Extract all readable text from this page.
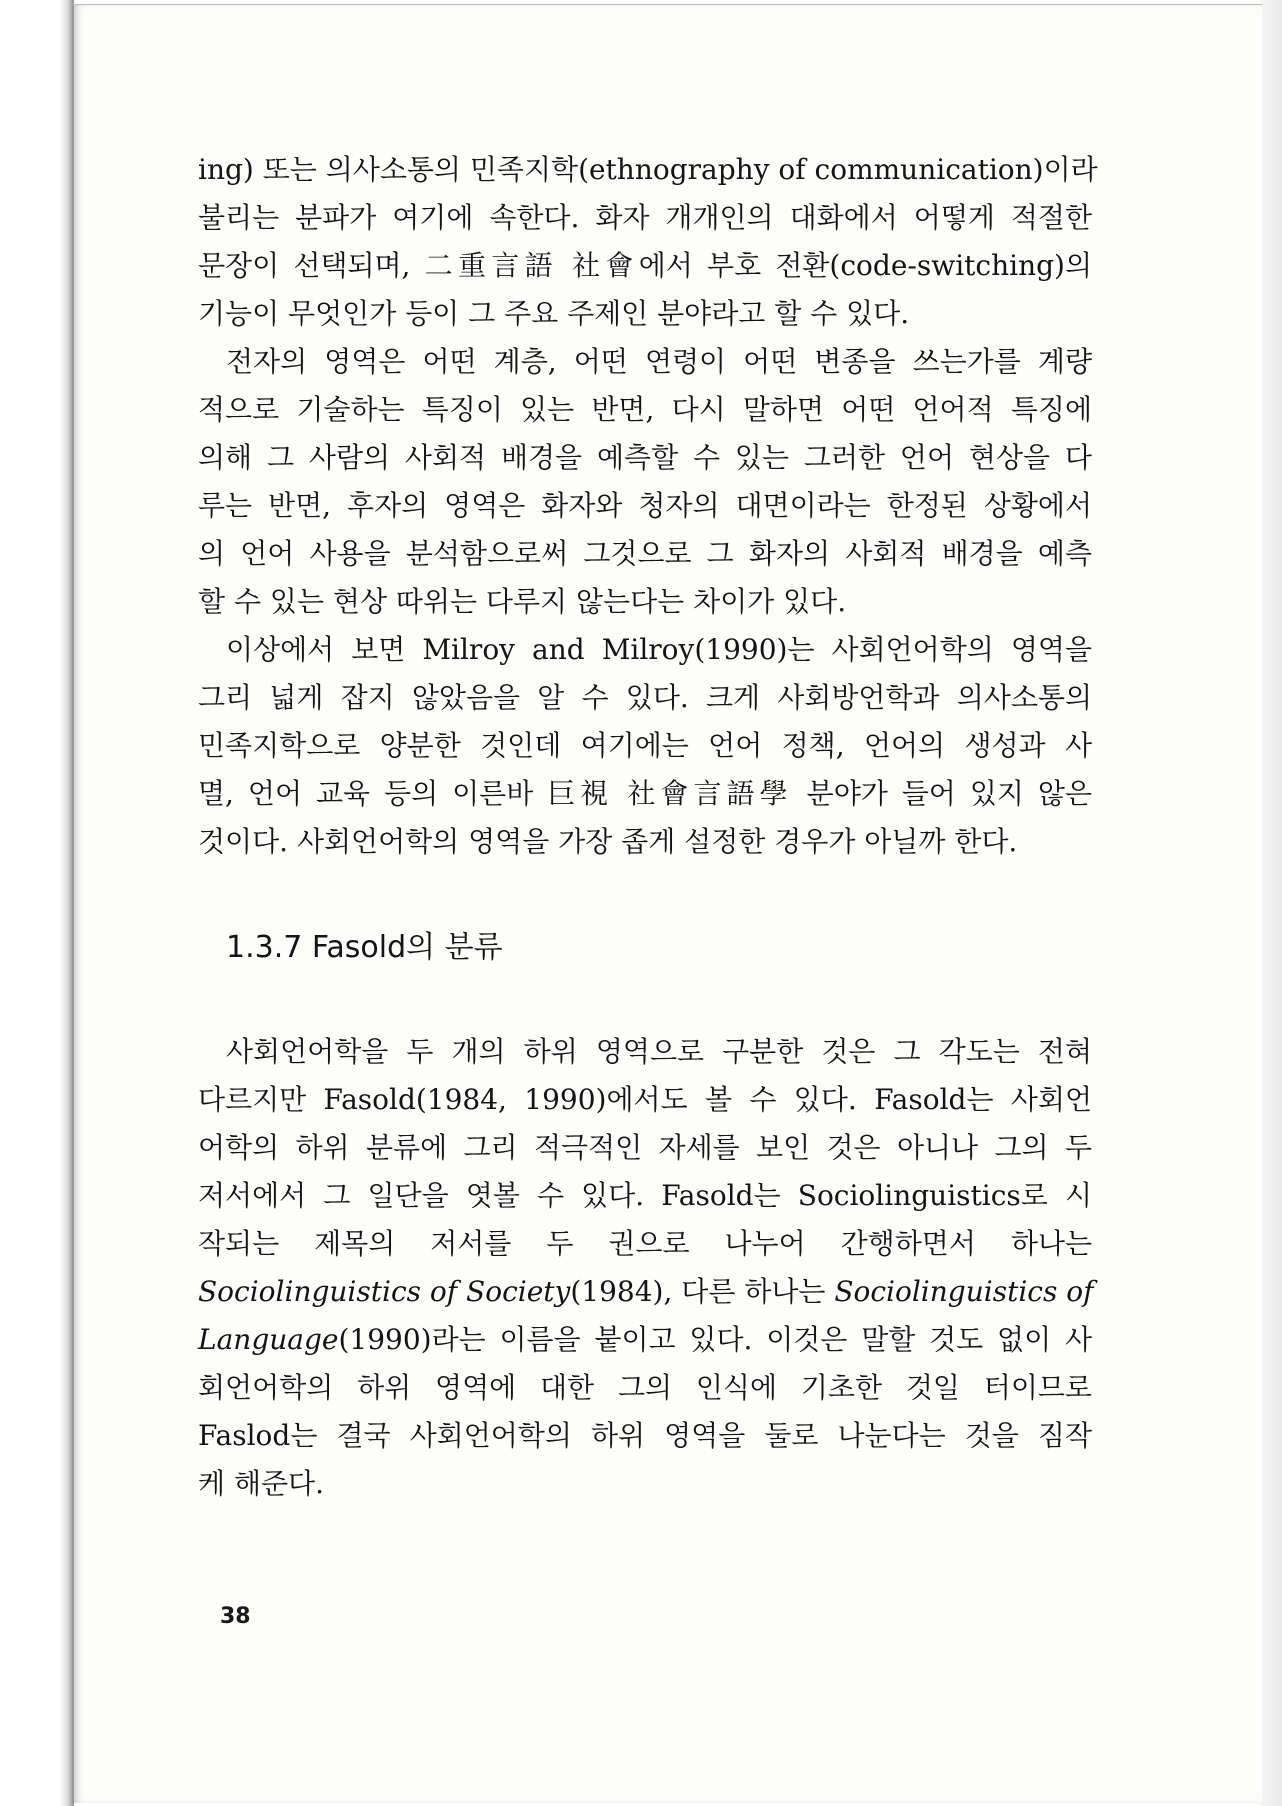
ing) 또는 의사소통의 민족지학(ethnography of communication)이라
불리는 분파가 여기에 속한다. 화자 개개인의 대화에서 어떻게 적절한
문장이 선택되며, 二重言語 社會에서 부호 전환(code-switching)의
기능이 무엇인가 등이 그 주요 주제인 분야라고 할 수 있다.

전자의 영역은 어떤 계층, 어떤 연령이 어떤 변종을 쓰는가를 계량
적으로 기술하는 특징이 있는 반면, 다시 말하면 어떤 언어적 특징에
의해 그 사람의 사회적 배경을 예측할 수 있는 그러한 언어 현상을 다
루는 반면, 후자의 영역은 화자와 청자의 대면이라는 한정된 상황에서
의 언어 사용을 분석함으로써 그것으로 그 화자의 사회적 배경을 예측
할 수 있는 현상 따위는 다루지 않는다는 차이가 있다.

이상에서 보면 Milroy and Milroy(1990)는 사회언어학의 영역을
그리 넓게 잡지 않았음을 알 수 있다. 크게 사회방언학과 의사소통의
민족지학으로 양분한 것인데 여기에는 언어 정책, 언어의 생성과 사
멸, 언어 교육 등의 이른바 巨視 社會言語學 분야가 들어 있지 않은
것이다. 사회언어학의 영역을 가장 좁게 설정한 경우가 아닐까 한다.

1.3.7 Fasold의 분류

사회언어학을 두 개의 하위 영역으로 구분한 것은 그 각도는 전혀
다르지만 Fasold(1984, 1990)에서도 볼 수 있다. Fasold는 사회언
어학의 하위 분류에 그리 적극적인 자세를 보인 것은 아니나 그의 두
저서에서 그 일단을 엿볼 수 있다. Fasold는 Sociolinguistics로 시
작되는 제목의 저서를 두 권으로 나누어 간행하면서 하나는
Sociolinguistics of Society(1984), 다른 하나는 Sociolinguistics of
Language(1990)라는 이름을 붙이고 있다. 이것은 말할 것도 없이 사
회언어학의 하위 영역에 대한 그의 인식에 기초한 것일 터이므로
Faslod는 결국 사회언어학의 하위 영역을 둘로 나눈다는 것을 짐작
케 해준다.

38
